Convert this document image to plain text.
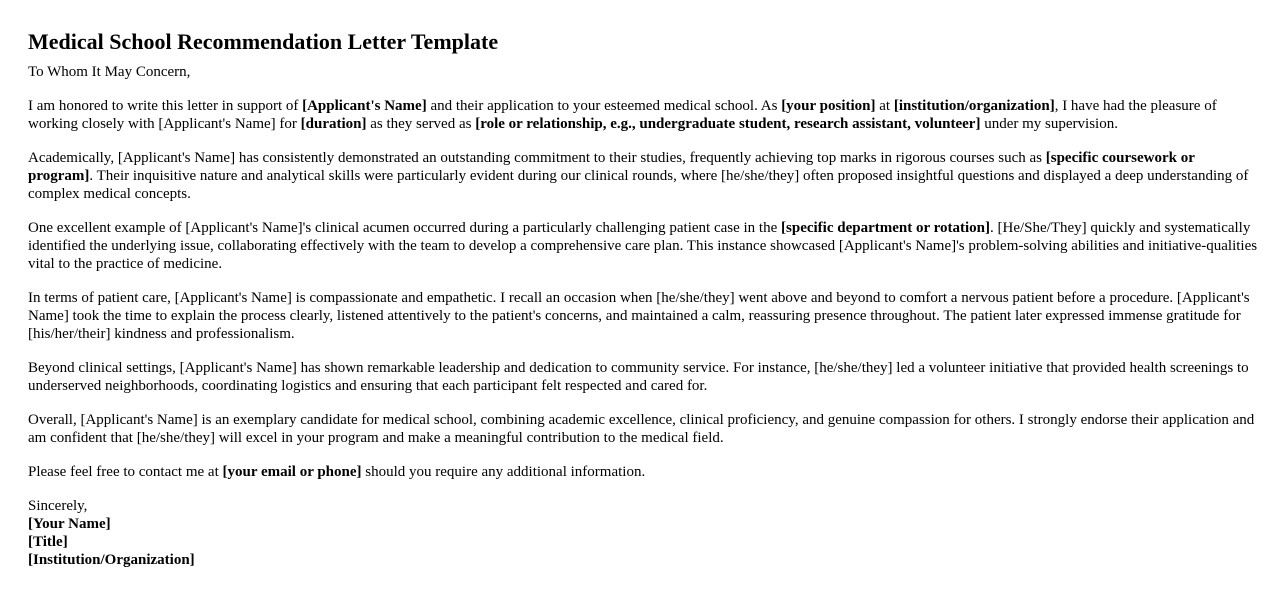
Medical School Recommendation Letter Template

To Whom It May Concern,

I am honored to write this letter in support of [Applicant's Name] and their application to your esteemed medical school. As [your position] at [institution/organization], I have had the pleasure of working closely with [Applicant's Name] for [duration] as they served as [role or relationship, e.g., undergraduate student, research assistant, volunteer] under my supervision.

Academically, [Applicant's Name] has consistently demonstrated an outstanding commitment to their studies, frequently achieving top marks in rigorous courses such as [specific coursework or program]. Their inquisitive nature and analytical skills were particularly evident during our clinical rounds, where [he/she/they] often proposed insightful questions and displayed a deep understanding of complex medical concepts.

One excellent example of [Applicant's Name]'s clinical acumen occurred during a particularly challenging patient case in the [specific department or rotation]. [He/She/They] quickly and systematically identified the underlying issue, collaborating effectively with the team to develop a comprehensive care plan. This instance showcased [Applicant's Name]'s problem-solving abilities and initiative-qualities vital to the practice of medicine.

In terms of patient care, [Applicant's Name] is compassionate and empathetic. I recall an occasion when [he/she/they] went above and beyond to comfort a nervous patient before a procedure. [Applicant's Name] took the time to explain the process clearly, listened attentively to the patient's concerns, and maintained a calm, reassuring presence throughout. The patient later expressed immense gratitude for [his/her/their] kindness and professionalism.

Beyond clinical settings, [Applicant's Name] has shown remarkable leadership and dedication to community service. For instance, [he/she/they] led a volunteer initiative that provided health screenings to underserved neighborhoods, coordinating logistics and ensuring that each participant felt respected and cared for.

Overall, [Applicant's Name] is an exemplary candidate for medical school, combining academic excellence, clinical proficiency, and genuine compassion for others. I strongly endorse their application and am confident that [he/she/they] will excel in your program and make a meaningful contribution to the medical field.

Please feel free to contact me at [your email or phone] should you require any additional information.

Sincerely,
[Your Name]
[Title]
[Institution/Organization]
